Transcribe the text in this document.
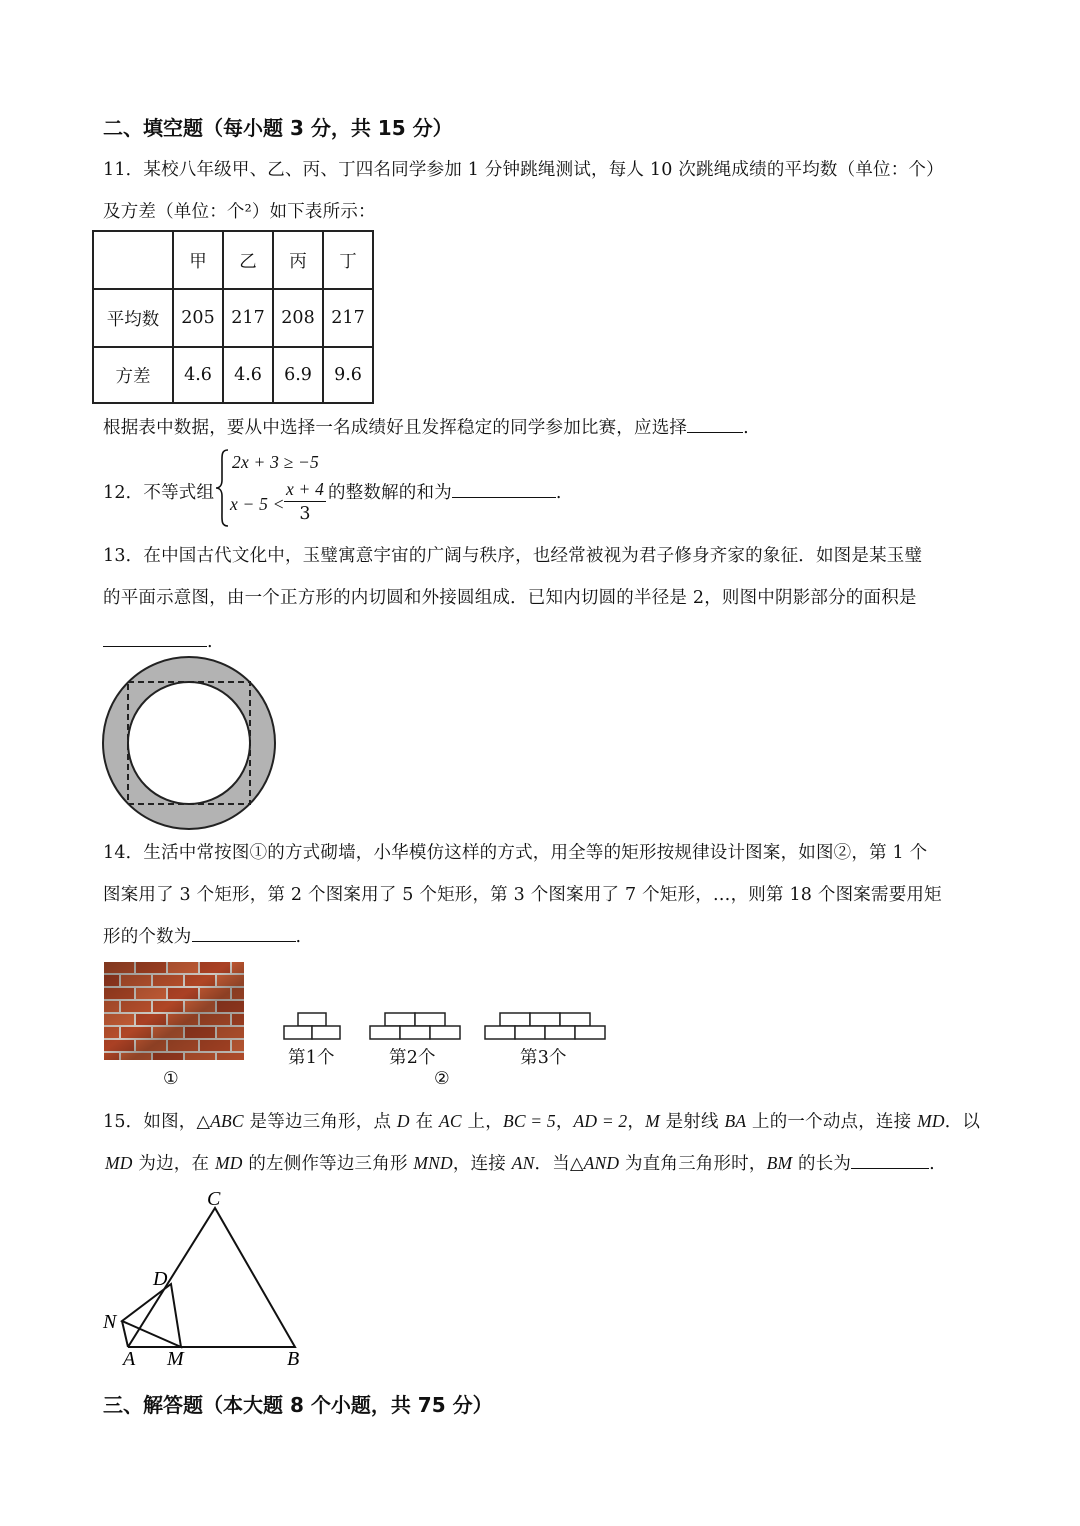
二、填空题（每小题 3 分，共 15 分）
11．某校八年级甲、乙、丙、丁四名同学参加 1 分钟跳绳测试，每人 10 次跳绳成绩的平均数（单位：个）
及方差（单位：个²）如下表所示：
	甲	乙	丙	丁
平均数	205	217	208	217
方差	4.6	4.6	6.9	9.6
根据表中数据，要从中选择一名成绩好且发挥稳定的同学参加比赛，应选择	.
12．不等式组
2x + 3 ≥ −5
x − 5 <
x + 4
3
的整数解的和为	.
13．在中国古代文化中，玉璧寓意宇宙的广阔与秩序，也经常被视为君子修身齐家的象征．如图是某玉璧
的平面示意图，由一个正方形的内切圆和外接圆组成．已知内切圆的半径是 2，则图中阴影部分的面积是
.
14．生活中常按图①的方式砌墙，小华模仿这样的方式，用全等的矩形按规律设计图案，如图②，第 1 个
图案用了 3 个矩形，第 2 个图案用了 5 个矩形，第 3 个图案用了 7 个矩形，…，则第 18 个图案需要用矩
形的个数为	.
①
第1个	第2个	第3个
②
15．如图，△ABC 是等边三角形，点 D 在 AC 上，BC = 5，AD = 2，M 是射线 BA 上的一个动点，连接 MD．以
MD 为边，在 MD 的左侧作等边三角形 MND，连接 AN．当△AND 为直角三角形时，BM 的长为	.
C
D
N
A M	B
三、解答题（本大题 8 个小题，共 75 分）
